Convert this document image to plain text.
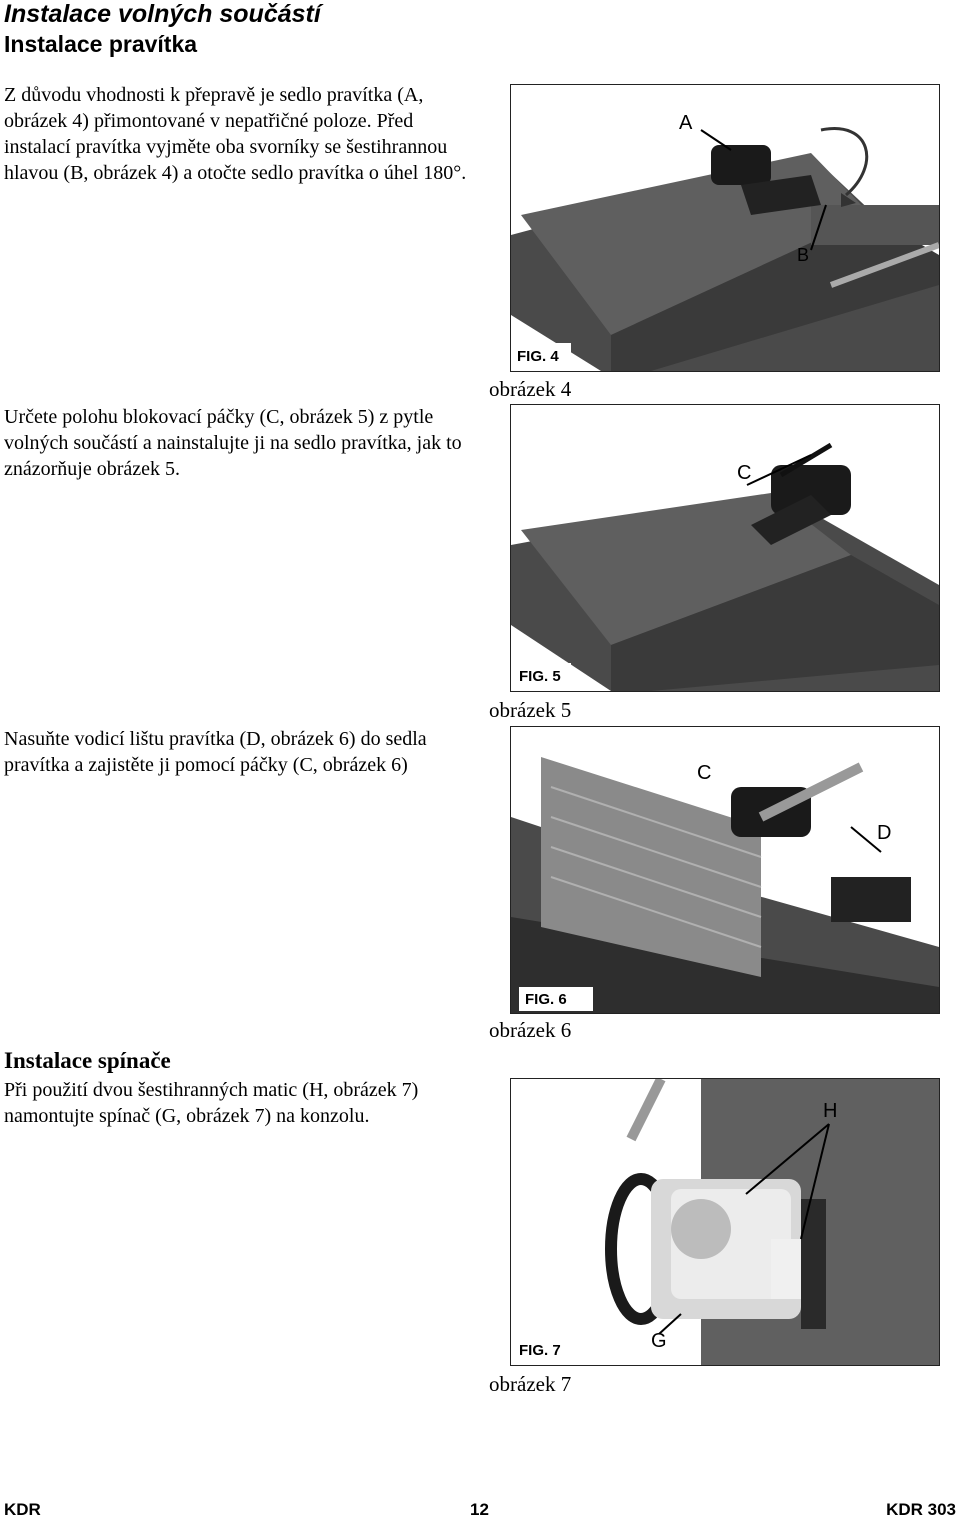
Instalace volných součástí
Instalace pravítka
Z důvodu vhodnosti k přepravě je sedlo pravítka (A, obrázek 4) přimontované v nepatřičné poloze. Před instalací pravítka vyjměte oba svorníky se šestihrannou hlavou (B, obrázek 4) a otočte sedlo pravítka o úhel 180°.
Určete polohu blokovací páčky (C, obrázek 5) z pytle volných součástí a nainstalujte ji na sedlo pravítka, jak to znázorňuje obrázek 5.
Nasuňte vodicí lištu pravítka (D, obrázek 6) do sedla pravítka a zajistěte ji pomocí páčky (C, obrázek 6)
Instalace spínače
Při použití dvou šestihranných matic (H, obrázek 7) namontujte spínač (G, obrázek 7) na konzolu.
A
B
FIG. 4
obrázek 4
C
FIG. 5
obrázek 5
C
D
FIG. 6
obrázek 6
H
G
FIG. 7
obrázek 7
KDR	12	KDR 303
